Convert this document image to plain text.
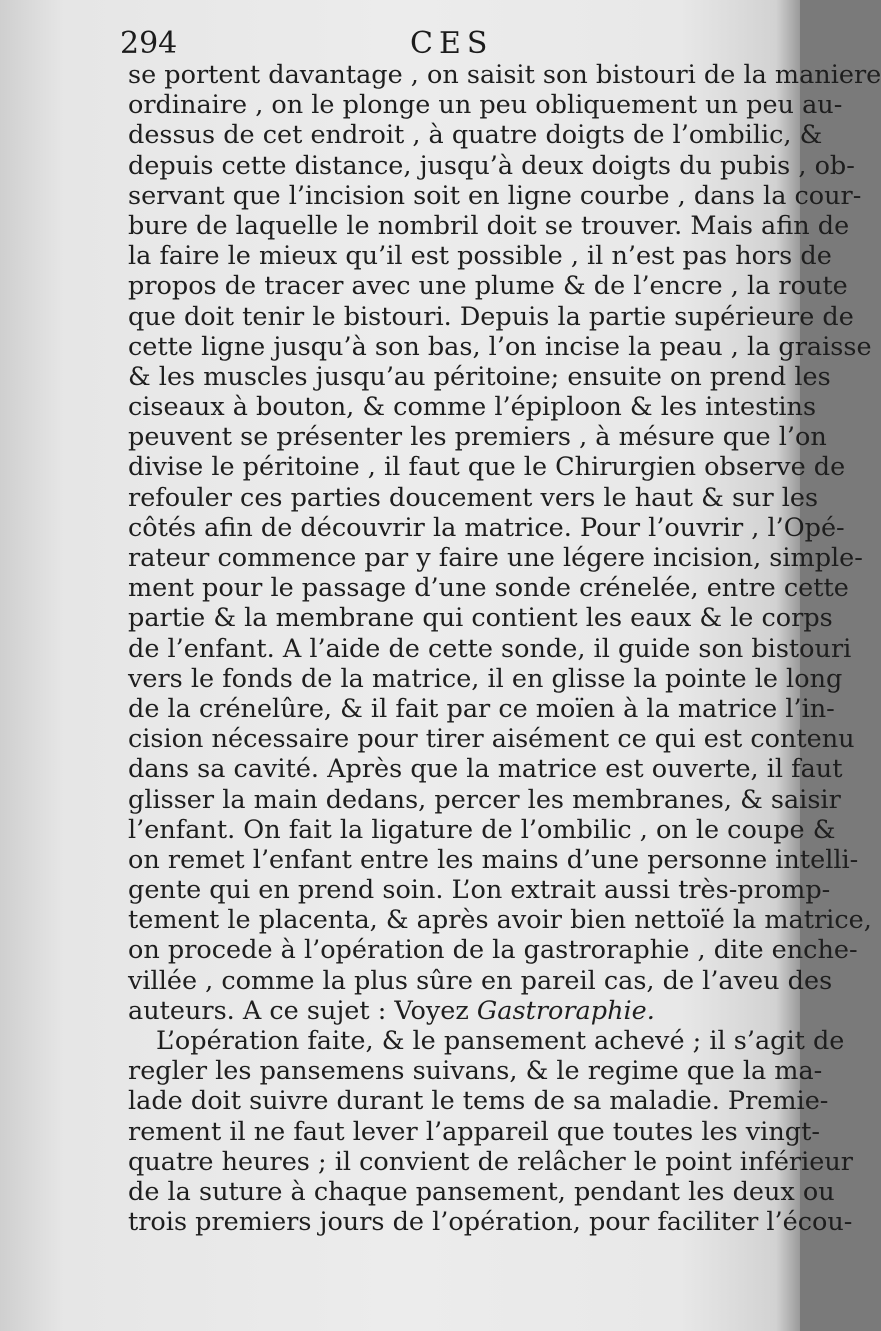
294	CES
se portent davantage , on saisit son bistouri de la maniere
ordinaire , on le plonge un peu obliquement un peu au-
dessus de cet endroit , à quatre doigts de l’ombilic, &
depuis cette distance, jusqu’à deux doigts du pubis , ob-
servant que l’incision soit en ligne courbe , dans la cour-
bure de laquelle le nombril doit se trouver. Mais afin de
la faire le mieux qu’il est possible , il n’est pas hors de
propos de tracer avec une plume & de l’encre , la route
que doit tenir le bistouri. Depuis la partie supérieure de
cette ligne jusqu’à son bas, l’on incise la peau , la graisse
& les muscles jusqu’au péritoine; ensuite on prend les
ciseaux à bouton, & comme l’épiploon & les intestins
peuvent se présenter les premiers , à mésure que l’on
divise le péritoine , il faut que le Chirurgien observe de
refouler ces parties doucement vers le haut & sur les
côtés afin de découvrir la matrice. Pour l’ouvrir , l’Opé-
rateur commence par y faire une légere incision, simple-
ment pour le passage d’une sonde crénelée, entre cette
partie & la membrane qui contient les eaux & le corps
de l’enfant. A l’aide de cette sonde, il guide son bistouri
vers le fonds de la matrice, il en glisse la pointe le long
de la crénelûre, & il fait par ce moïen à la matrice l’in-
cision nécessaire pour tirer aisément ce qui est contenu
dans sa cavité. Après que la matrice est ouverte, il faut
glisser la main dedans, percer les membranes, & saisir
l’enfant. On fait la ligature de l’ombilic , on le coupe &
on remet l’enfant entre les mains d’une personne intelli-
gente qui en prend soin. L’on extrait aussi très-promp-
tement le placenta, & après avoir bien nettoïé la matrice,
on procede à l’opération de la gastroraphie , dite enche-
villée , comme la plus sûre en pareil cas, de l’aveu des
auteurs. A ce sujet : Voyez Gastroraphie.
L’opération faite, & le pansement achevé ; il s’agit de
regler les pansemens suivans, & le regime que la ma-
lade doit suivre durant le tems de sa maladie. Premie-
rement il ne faut lever l’appareil que toutes les vingt-
quatre heures ; il convient de relâcher le point inférieur
de la suture à chaque pansement, pendant les deux ou
trois premiers jours de l’opération, pour faciliter l’écou-
